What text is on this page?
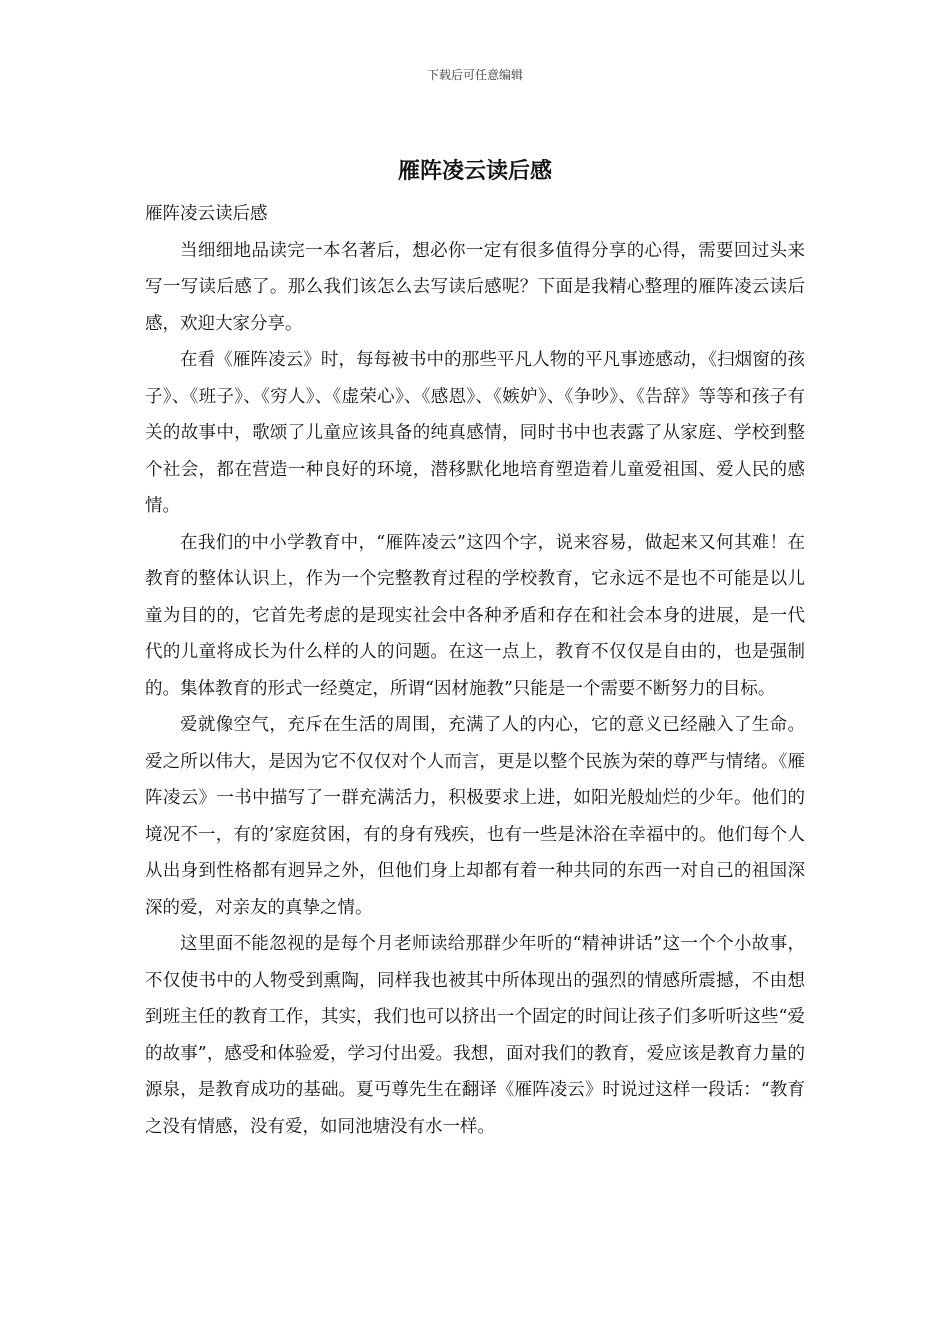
下载后可任意编辑
雁阵凌云读后感

雁阵凌云读后感

当细细地品读完一本名著后，想必你一定有很多值得分享的心得，需要回过头来写一写读后感了。那么我们该怎么去写读后感呢？下面是我精心整理的雁阵凌云读后感，欢迎大家分享。

在看《雁阵凌云》时，每每被书中的那些平凡人物的平凡事迹感动，《扫烟窗的孩子》、《班子》、《穷人》、《虚荣心》、《感恩》、《嫉妒》、《争吵》、《告辞》等等和孩子有关的故事中，歌颂了儿童应该具备的纯真感情，同时书中也表露了从家庭、学校到整个社会，都在营造一种良好的环境，潜移默化地培育塑造着儿童爱祖国、爱人民的感情。

在我们的中小学教育中，“雁阵凌云”这四个字，说来容易，做起来又何其难！在教育的整体认识上，作为一个完整教育过程的学校教育，它永远不是也不可能是以儿童为目的的，它首先考虑的是现实社会中各种矛盾和存在和社会本身的进展，是一代代的儿童将成长为什么样的人的问题。在这一点上，教育不仅仅是自由的，也是强制的。集体教育的形式一经奠定，所谓“因材施教”只能是一个需要不断努力的目标。

爱就像空气，充斥在生活的周围，充满了人的内心，它的意义已经融入了生命。爱之所以伟大，是因为它不仅仅对个人而言，更是以整个民族为荣的尊严与情绪。《雁阵凌云》一书中描写了一群充满活力，积极要求上进，如阳光般灿烂的少年。他们的境况不一，有的’家庭贫困，有的身有残疾，也有一些是沐浴在幸福中的。他们每个人从出身到性格都有迥异之外，但他们身上却都有着一种共同的东西一对自己的祖国深深的爱，对亲友的真挚之情。

这里面不能忽视的是每个月老师读给那群少年听的“精神讲话”这一个个小故事，不仅使书中的人物受到熏陶，同样我也被其中所体现出的强烈的情感所震撼，不由想到班主任的教育工作，其实，我们也可以挤出一个固定的时间让孩子们多听听这些“爱的故事”，感受和体验爱，学习付出爱。我想，面对我们的教育，爱应该是教育力量的源泉，是教育成功的基础。夏丏尊先生在翻译《雁阵凌云》时说过这样一段话：“教育之没有情感，没有爱，如同池塘没有水一样。
